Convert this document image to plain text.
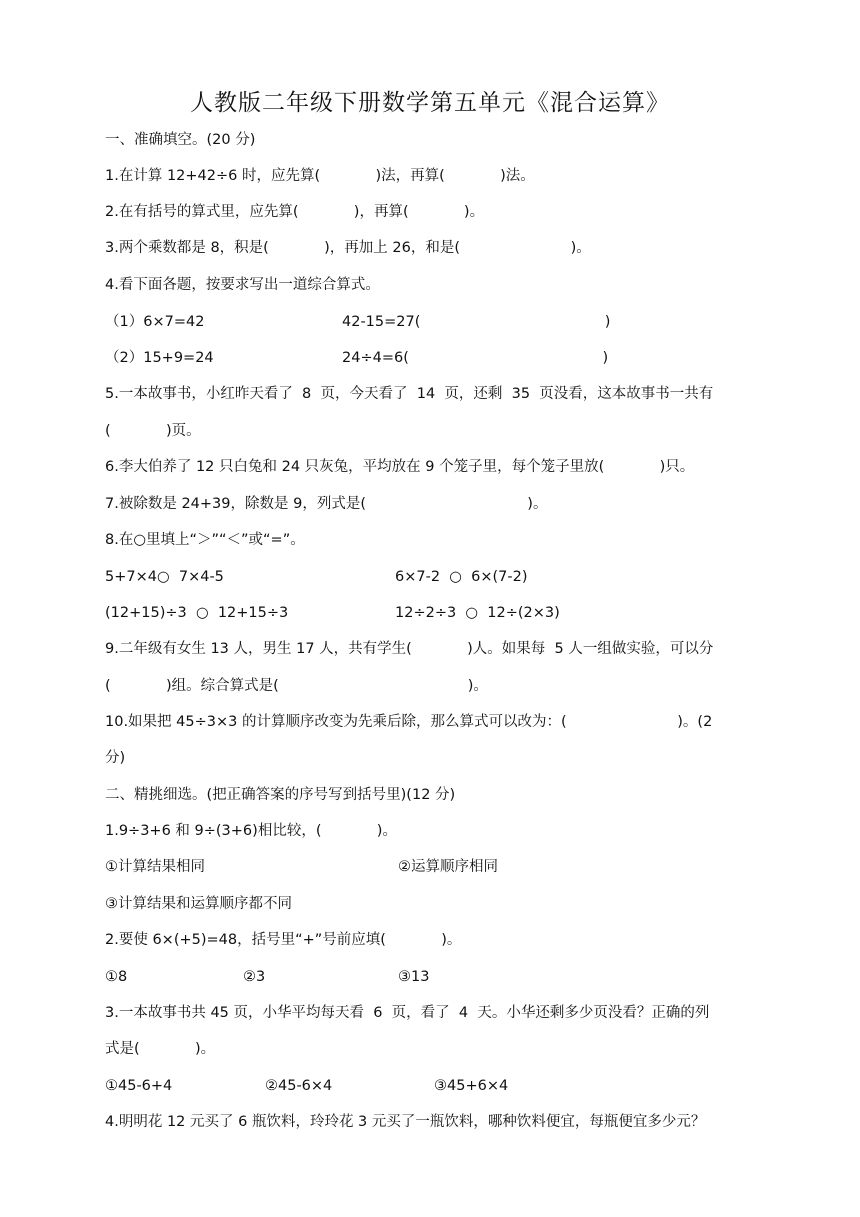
人教版二年级下册数学第五单元《混合运算》
一、准确填空。(20 分)
1.在计算 12+42÷6 时，应先算(            )法，再算(            )法。
2.在有括号的算式里，应先算(            )，再算(            )。
3.两个乘数都是 8，积是(            )，再加上 26，和是(                        )。
4.看下面各题，按要求写出一道综合算式。
（1）6×7=42	42-15=27(                                        )
（2）15+9=24	24÷4=6(                                          )
5.一本故事书，小红昨天看了  8  页，今天看了  14  页，还剩  35  页没看，这本故事书一共有
(            )页。
6.李大伯养了 12 只白兔和 24 只灰兔，平均放在 9 个笼子里，每个笼子里放(            )只。
7.被除数是 24+39，除数是 9，列式是(                                   )。
8.在○里填上“＞”“＜”或“=”。
5+7×4○  7×4-5	6×7-2  ○  6×(7-2)
(12+15)÷3  ○  12+15÷3	12÷2÷3  ○  12÷(2×3)
9.二年级有女生 13 人，男生 17 人，共有学生(            )人。如果每  5 人一组做实验，可以分
(            )组。综合算式是(                                         )。
10.如果把 45÷3×3 的计算顺序改变为先乘后除，那么算式可以改为：(                        )。(2
分)
二、精挑细选。(把正确答案的序号写到括号里)(12 分)
1.9÷3+6 和 9÷(3+6)相比较，(            )。
①计算结果相同	②运算顺序相同
③计算结果和运算顺序都不同
2.要使 6×(+5)=48，括号里“+”号前应填(            )。
①8	②3	③13
3.一本故事书共 45 页，小华平均每天看  6  页，看了  4  天。小华还剩多少页没看？正确的列
式是(            )。
①45-6+4	②45-6×4	③45+6×4
4.明明花 12 元买了 6 瓶饮料，玲玲花 3 元买了一瓶饮料，哪种饮料便宜，每瓶便宜多少元？
